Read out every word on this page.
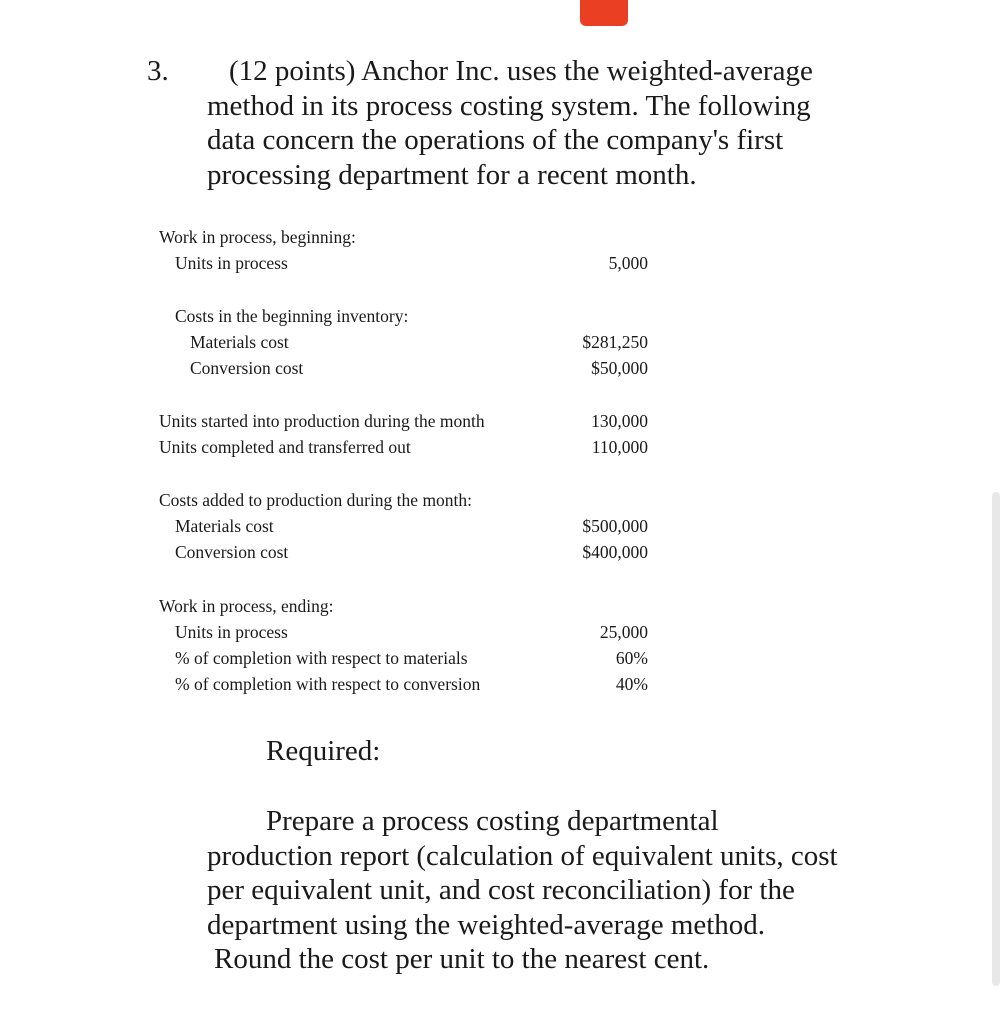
3.	(12 points) Anchor Inc. uses the weighted-average
method in its process costing system. The following
data concern the operations of the company's first
processing department for a recent month.
Work in process, beginning:
Units in process	5,000
Costs in the beginning inventory:
Materials cost	$281,250
Conversion cost	$50,000
Units started into production during the month	130,000
Units completed and transferred out	110,000
Costs added to production during the month:
Materials cost	$500,000
Conversion cost	$400,000
Work in process, ending:
Units in process	25,000
% of completion with respect to materials	60%
% of completion with respect to conversion	40%
Required:
Prepare a process costing departmental
production report (calculation of equivalent units, cost
per equivalent unit, and cost reconciliation) for the
department using the weighted-average method.
Round the cost per unit to the nearest cent.
